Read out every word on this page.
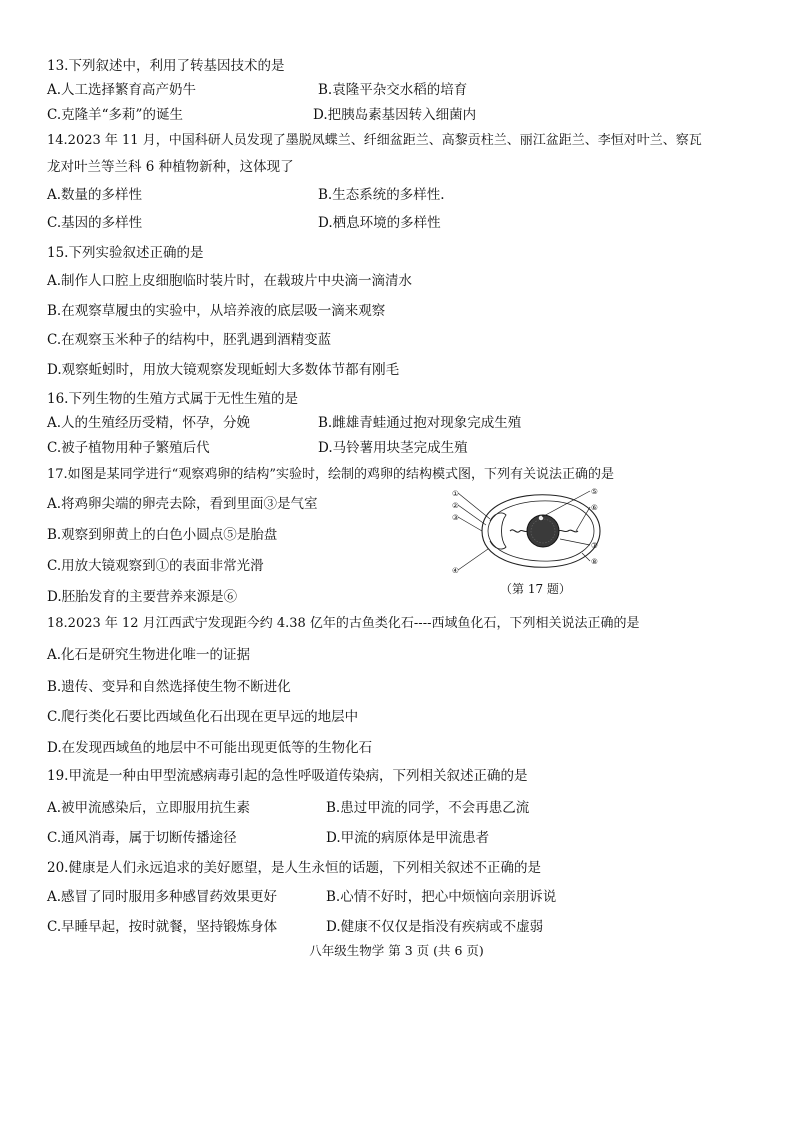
13.下列叙述中，利用了转基因技术的是
A.人工选择繁育高产奶牛	B.袁隆平杂交水稻的培育
C.克隆羊“多莉”的诞生	D.把胰岛素基因转入细菌内
14.2023 年 11 月，中国科研人员发现了墨脱凤蝶兰、纤细盆距兰、高黎贡柱兰、丽江盆距兰、李恒对叶兰、察瓦
龙对叶兰等兰科 6 种植物新种，这体现了
A.数量的多样性	B.生态系统的多样性.
C.基因的多样性	D.栖息环境的多样性
15.下列实验叙述正确的是
A.制作人口腔上皮细胞临时装片时，在载玻片中央滴一滴清水
B.在观察草履虫的实验中，从培养液的底层吸一滴来观察
C.在观察玉米种子的结构中，胚乳遇到酒精变蓝
D.观察蚯蚓时，用放大镜观察发现蚯蚓大多数体节都有刚毛
16.下列生物的生殖方式属于无性生殖的是
A.人的生殖经历受精，怀孕，分娩	B.雌雄青蛙通过抱对现象完成生殖
C.被子植物用种子繁殖后代	D.马铃薯用块茎完成生殖
17.如图是某同学进行“观察鸡卵的结构”实验时，绘制的鸡卵的结构模式图，下列有关说法正确的是
A.将鸡卵尖端的卵壳去除，看到里面③是气室
B.观察到卵黄上的白色小圆点⑤是胎盘
C.用放大镜观察到①的表面非常光滑
D.胚胎发育的主要营养来源是⑥
①
②
③
④
⑤
⑥
⑦
⑧
（第 17 题）
18.2023 年 12 月江西武宁发现距今约 4.38 亿年的古鱼类化石----西域鱼化石，下列相关说法正确的是
A.化石是研究生物进化唯一的证据
B.遗传、变异和自然选择使生物不断进化
C.爬行类化石要比西域鱼化石出现在更早远的地层中
D.在发现西域鱼的地层中不可能出现更低等的生物化石
19.甲流是一种由甲型流感病毒引起的急性呼吸道传染病，下列相关叙述正确的是
A.被甲流感染后，立即服用抗生素	B.患过甲流的同学，不会再患乙流
C.通风消毒，属于切断传播途径	D.甲流的病原体是甲流患者
20.健康是人们永远追求的美好愿望，是人生永恒的话题，下列相关叙述不正确的是
A.感冒了同时服用多种感冒药效果更好	B.心情不好时，把心中烦恼向亲朋诉说
C.早睡早起，按时就餐，坚持锻炼身体	D.健康不仅仅是指没有疾病或不虚弱
八年级生物学 第 3 页 (共 6 页)
